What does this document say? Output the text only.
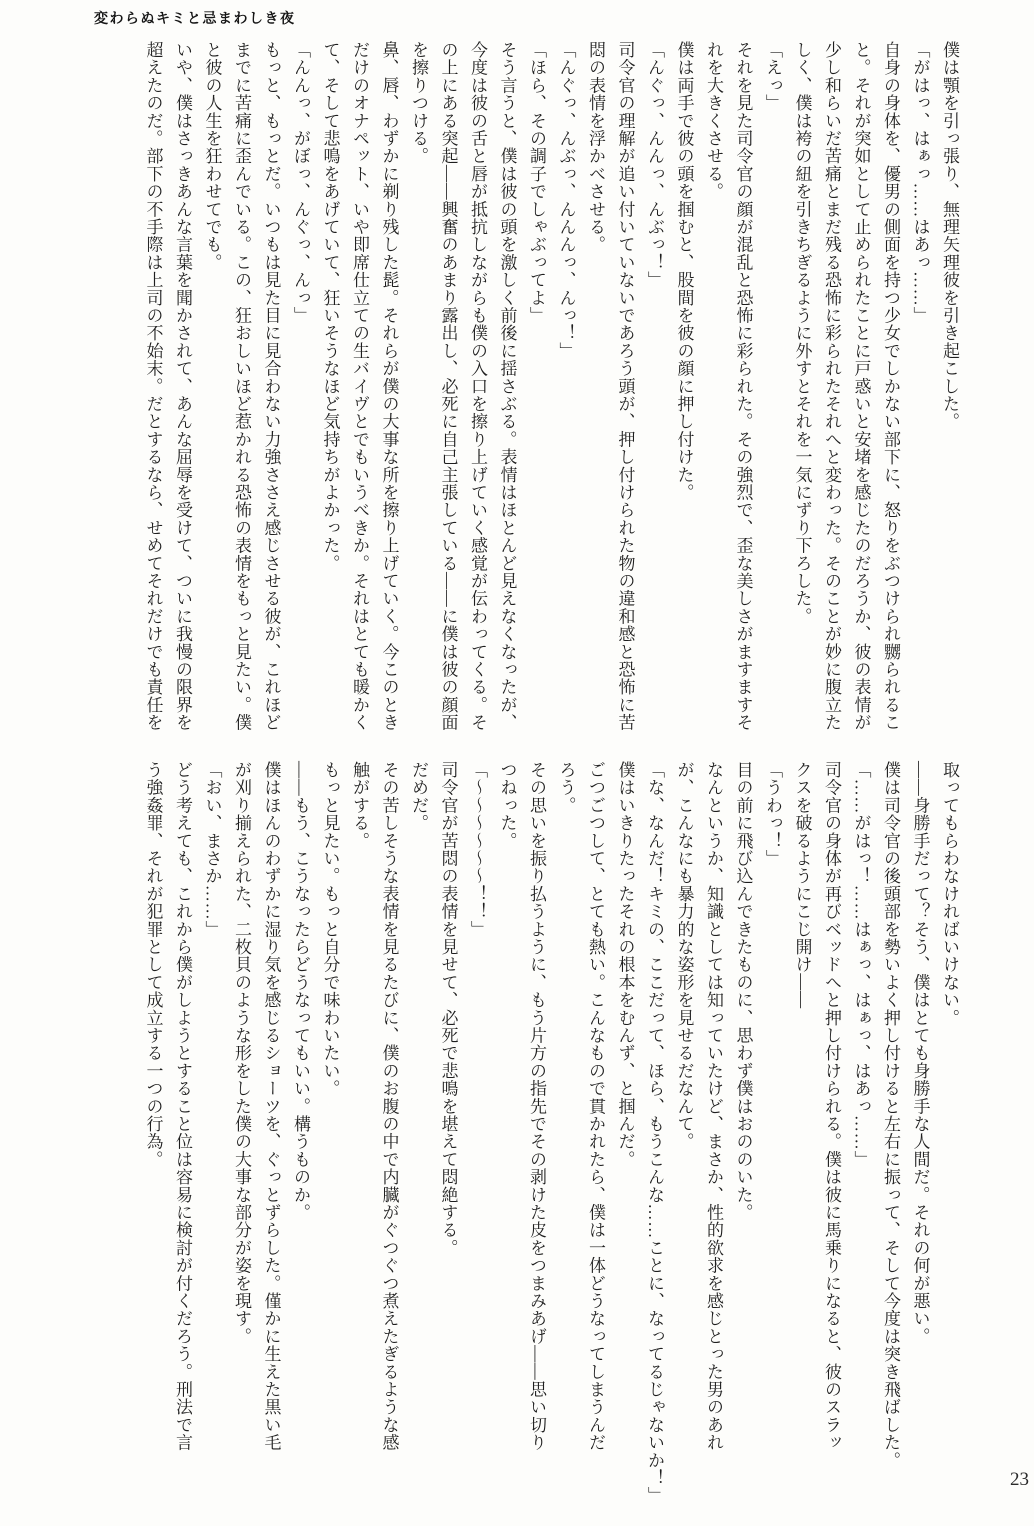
変わらぬキミと忌まわしき夜

僕は顎を引っ張り、無理矢理彼を引き起こした。

「がはっ、はぁっ……はあっ……」

自身の身体を、優男の側面を持つ少女でしかない部下に、怒りをぶつけられ嬲られるこ

と。それが突如として止められたことに戸惑いと安堵を感じたのだろうか、彼の表情が

少し和らいだ苦痛とまだ残る恐怖に彩られたそれへと変わった。そのことが妙に腹立た

しく、僕は袴の紐を引きちぎるように外すとそれを一気にずり下ろした。

「えっ」

それを見た司令官の顔が混乱と恐怖に彩られた。その強烈で、歪な美しさがますますそ

れを大きくさせる。

僕は両手で彼の頭を掴むと、股間を彼の顔に押し付けた。

「んぐっ、んんっ、んぶっ！」

司令官の理解が追い付いていないであろう頭が、押し付けられた物の違和感と恐怖に苦

悶の表情を浮かべさせる。

「んぐっ、んぶっ、んんんっ、んっ！」

「ほら、その調子でしゃぶってよ」

そう言うと、僕は彼の頭を激しく前後に揺さぶる。表情はほとんど見えなくなったが、

今度は彼の舌と唇が抵抗しながらも僕の入口を擦り上げていく感覚が伝わってくる。そ

の上にある突起――興奮のあまり露出し、必死に自己主張している――に僕は彼の顔面

を擦りつける。

鼻、唇、わずかに剃り残した髭。それらが僕の大事な所を擦り上げていく。今このとき

だけのオナペット、いや即席仕立ての生バイヴとでもいうべきか。それはとても暖かく

て、そして悲鳴をあげていて、狂いそうなほど気持ちがよかった。

「んんっ、がぼっ、んぐっ、んっ」

もっと、もっとだ。いつもは見た目に見合わない力強ささえ感じさせる彼が、これほど

までに苦痛に歪んでいる。この、狂おしいほど惹かれる恐怖の表情をもっと見たい。僕

と彼の人生を狂わせてでも。

いや、僕はさっきあんな言葉を聞かされて、あんな屈辱を受けて、ついに我慢の限界を

超えたのだ。部下の不手際は上司の不始末。だとするなら、せめてそれだけでも責任を

取ってもらわなければいけない。

――身勝手だって？そう、僕はとても身勝手な人間だ。それの何が悪い。

僕は司令官の後頭部を勢いよく押し付けると左右に振って、そして今度は突き飛ばした。

「……がはっ！……はぁっ、はぁっ、はあっ……」

司令官の身体が再びベッドへと押し付けられる。僕は彼に馬乗りになると、彼のスラッ

クスを破るようにこじ開け――

「うわっ！」

目の前に飛び込んできたものに、思わず僕はおののいた。

なんというか、知識としては知っていたけど、まさか、性的欲求を感じとった男のあれ

が、こんなにも暴力的な姿形を見せるだなんて。

「な、なんだ！キミの、ここだって、ほら、もうこんな……ことに、なってるじゃないか！」

僕はいきりたったそれの根本をむんず、と掴んだ。

ごつごつして、とても熱い。こんなもので貫かれたら、僕は一体どうなってしまうんだ

ろう。

その思いを振り払うように、もう片方の指先でその剥けた皮をつまみあげ――思い切り

つねった。

「〜〜〜〜〜〜！！」

司令官が苦悶の表情を見せて、必死で悲鳴を堪えて悶絶する。

だめだ。

その苦しそうな表情を見るたびに、僕のお腹の中で内臓がぐつぐつ煮えたぎるような感

触がする。

もっと見たい。もっと自分で味わいたい。

――もう、こうなったらどうなってもいい。構うものか。

僕はほんのわずかに湿り気を感じるショーツを、ぐっとずらした。僅かに生えた黒い毛

が刈り揃えられた、二枚貝のような形をした僕の大事な部分が姿を現す。

「おい、まさか……」

どう考えても、これから僕がしようとすること位は容易に検討が付くだろう。刑法で言

う強姦罪、それが犯罪として成立する一つの行為。

23
